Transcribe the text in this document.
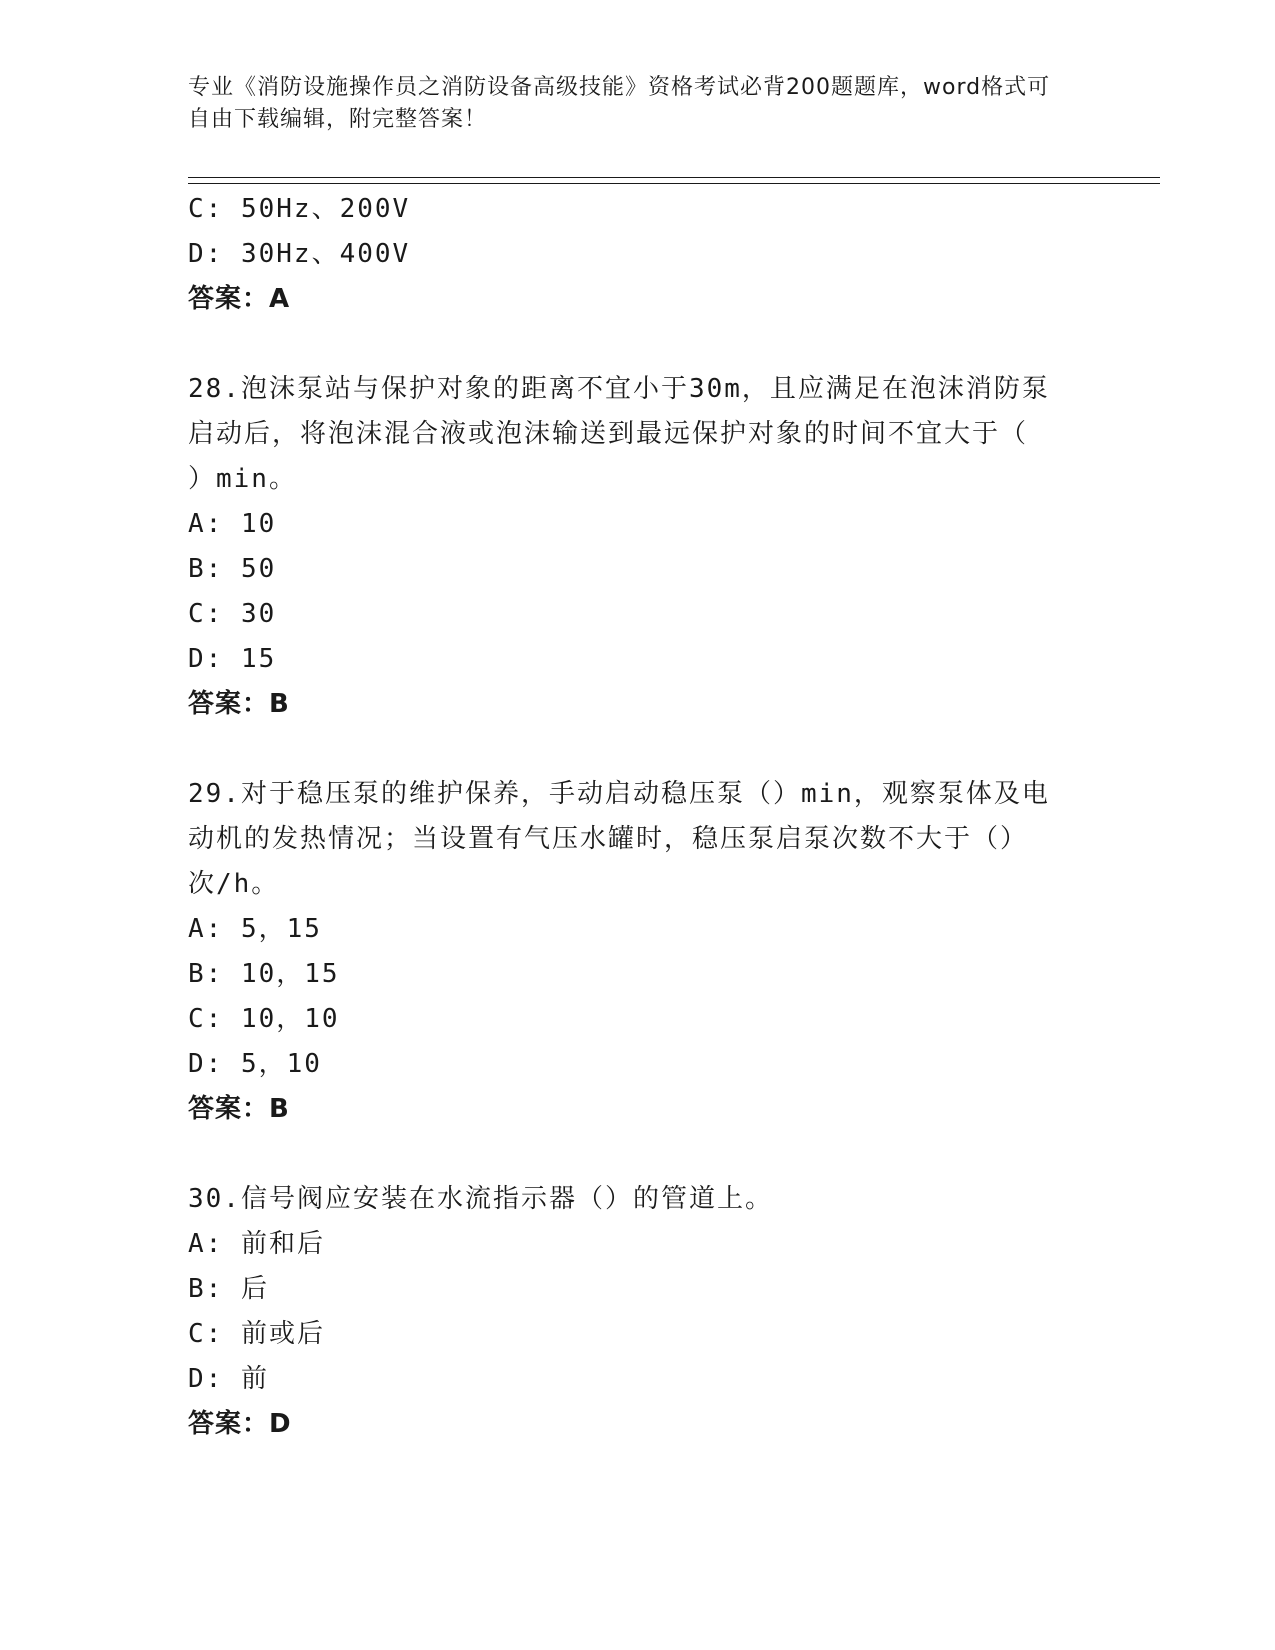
专业《消防设施操作员之消防设备高级技能》资格考试必背200题题库，word格式可自由下载编辑，附完整答案！
C: 50Hz、200V
D: 30Hz、400V
答案：A
28.泡沫泵站与保护对象的距离不宜小于30m，且应满足在泡沫消防泵
启动后，将泡沫混合液或泡沫输送到最远保护对象的时间不宜大于（
）min。
A: 10
B: 50
C: 30
D: 15
答案：B
29.对于稳压泵的维护保养，手动启动稳压泵（）min，观察泵体及电
动机的发热情况；当设置有气压水罐时，稳压泵启泵次数不大于（）
次/h。
A: 5，15
B: 10，15
C: 10，10
D: 5，10
答案：B
30.信号阀应安装在水流指示器（）的管道上。
A: 前和后
B: 后
C: 前或后
D: 前
答案：D
